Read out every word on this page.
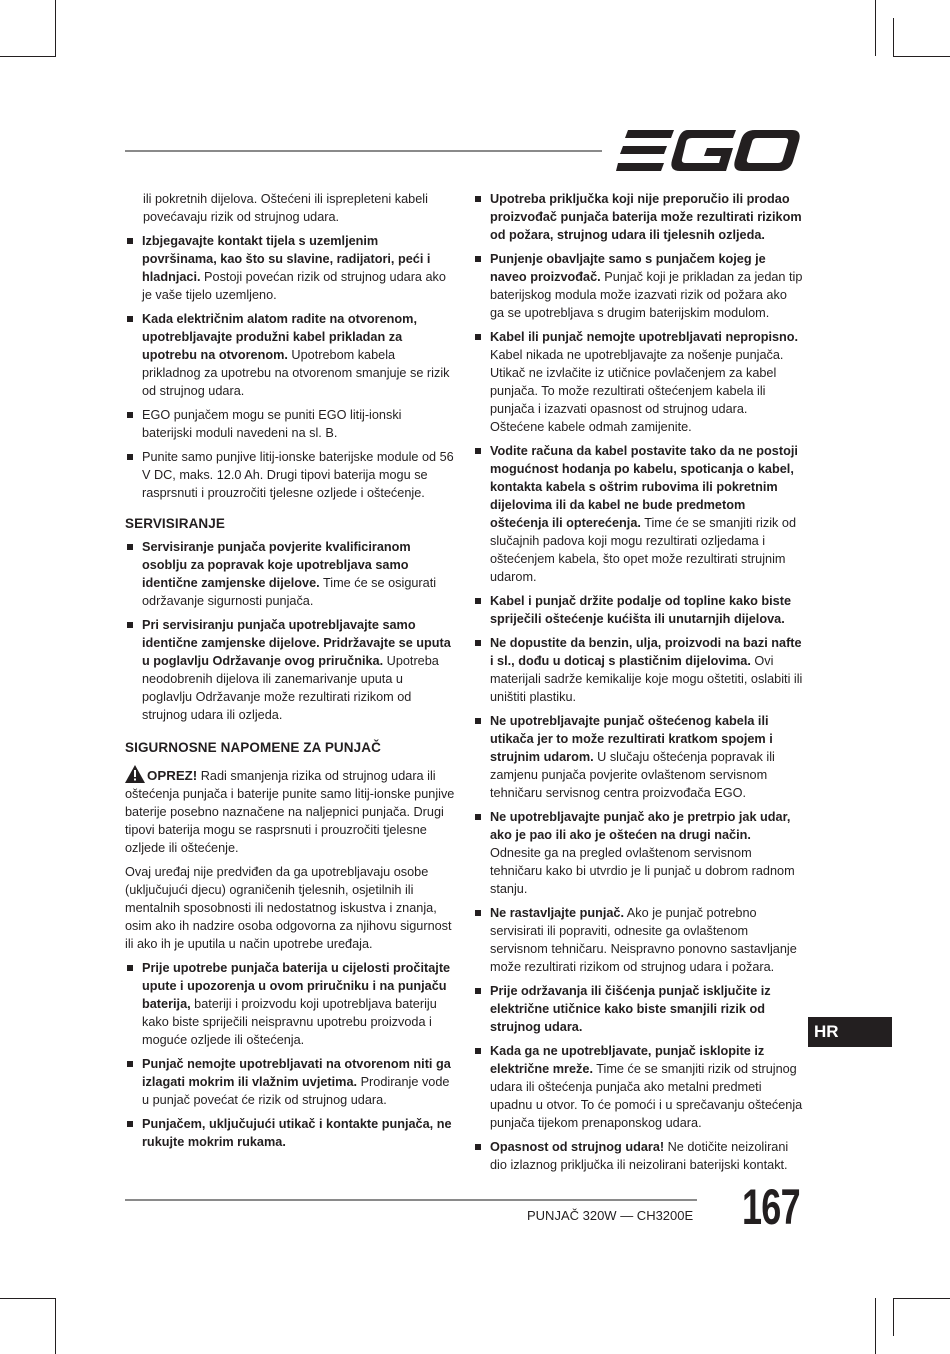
ili pokretnih dijelova. Oštećeni ili isprepleteni kabeli povećavaju rizik od strujnog udara.

Izbjegavajte kontakt tijela s uzemljenim površinama, kao što su slavine, radijatori, peći i hladnjaci. Postoji povećan rizik od strujnog udara ako je vaše tijelo uzemljeno.
Kada električnim alatom radite na otvorenom, upotrebljavajte produžni kabel prikladan za upotrebu na otvorenom. Upotrebom kabela prikladnog za upotrebu na otvorenom smanjuje se rizik od strujnog udara.
EGO punjačem mogu se puniti EGO litij-ionski baterijski moduli navedeni na sl. B.
Punite samo punjive litij-ionske baterijske module od 56 V DC, maks. 12.0 Ah. Drugi tipovi baterija mogu se rasprsnuti i prouzročiti tjelesne ozljede i oštećenje.
SERVISIRANJE
Servisiranje punjača povjerite kvalificiranom osoblju za popravak koje upotrebljava samo identične zamjenske dijelove. Time će se osigurati održavanje sigurnosti punjača.
Pri servisiranju punjača upotrebljavajte samo identične zamjenske dijelove. Pridržavajte se uputa u poglavlju Održavanje ovog priručnika. Upotreba neodobrenih dijelova ili zanemarivanje uputa u poglavlju Održavanje može rezultirati rizikom od strujnog udara ili ozljeda.
SIGURNOSNE NAPOMENE ZA PUNJAČ

OPREZ! Radi smanjenja rizika od strujnog udara ili oštećenja punjača i baterije punite samo litij-ionske punjive baterije posebno naznačene na naljepnici punjača. Drugi tipovi baterija mogu se rasprsnuti i prouzročiti tjelesne ozljede ili oštećenje.

Ovaj uređaj nije predviđen da ga upotrebljavaju osobe (uključujući djecu) ograničenih tjelesnih, osjetilnih ili mentalnih sposobnosti ili nedostatnog iskustva i znanja, osim ako ih nadzire osoba odgovorna za njihovu sigurnost ili ako ih je uputila u način upotrebe uređaja.

Prije upotrebe punjača baterija u cijelosti pročitajte upute i upozorenja u ovom priručniku i na punjaču baterija, bateriji i proizvodu koji upotrebljava bateriju kako biste spriječili neispravnu upotrebu proizvoda i moguće ozljede ili oštećenja.
Punjač nemojte upotrebljavati na otvorenom niti ga izlagati mokrim ili vlažnim uvjetima. Prodiranje vode u punjač povećat će rizik od strujnog udara.
Punjačem, uključujući utikač i kontakte punjača, ne rukujte mokrim rukama.
Upotreba priključka koji nije preporučio ili prodao proizvođač punjača baterija može rezultirati rizikom od požara, strujnog udara ili tjelesnih ozljeda.
Punjenje obavljajte samo s punjačem kojeg je naveo proizvođač. Punjač koji je prikladan za jedan tip baterijskog modula može izazvati rizik od požara ako ga se upotrebljava s drugim baterijskim modulom.
Kabel ili punjač nemojte upotrebljavati nepropisno. Kabel nikada ne upotrebljavajte za nošenje punjača. Utikač ne izvlačite iz utičnice povlačenjem za kabel punjača. To može rezultirati oštećenjem kabela ili punjača i izazvati opasnost od strujnog udara. Oštećene kabele odmah zamijenite.
Vodite računa da kabel postavite tako da ne postoji mogućnost hodanja po kabelu, spoticanja o kabel, kontakta kabela s oštrim rubovima ili pokretnim dijelovima ili da kabel ne bude predmetom oštećenja ili opterećenja. Time će se smanjiti rizik od slučajnih padova koji mogu rezultirati ozljedama i oštećenjem kabela, što opet može rezultirati strujnim udarom.
Kabel i punjač držite podalje od topline kako biste spriječili oštećenje kućišta ili unutarnjih dijelova.
Ne dopustite da benzin, ulja, proizvodi na bazi nafte i sl., dođu u doticaj s plastičnim dijelovima. Ovi materijali sadrže kemikalije koje mogu oštetiti, oslabiti ili uništiti plastiku.
Ne upotrebljavajte punjač oštećenog kabela ili utikača jer to može rezultirati kratkom spojem i strujnim udarom. U slučaju oštećenja popravak ili zamjenu punjača povjerite ovlaštenom servisnom tehničaru servisnog centra proizvođača EGO.
Ne upotrebljavajte punjač ako je pretrpio jak udar, ako je pao ili ako je oštećen na drugi način. Odnesite ga na pregled ovlaštenom servisnom tehničaru kako bi utvrdio je li punjač u dobrom radnom stanju.
Ne rastavljajte punjač. Ako je punjač potrebno servisirati ili popraviti, odnesite ga ovlaštenom servisnom tehničaru. Neispravno ponovno sastavljanje može rezultirati rizikom od strujnog udara i požara.
Prije održavanja ili čišćenja punjač isključite iz električne utičnice kako biste smanjili rizik od strujnog udara.
Kada ga ne upotrebljavate, punjač isklopite iz električne mreže. Time će se smanjiti rizik od strujnog udara ili oštećenja punjača ako metalni predmeti upadnu u otvor. To će pomoći i u sprečavanju oštećenja punjača tijekom prenaponskog udara.
Opasnost od strujnog udara! Ne dotičite neizolirani dio izlaznog priključka ili neizolirani baterijski kontakt.
HR
PUNJAČ 320W — CH3200E 167
